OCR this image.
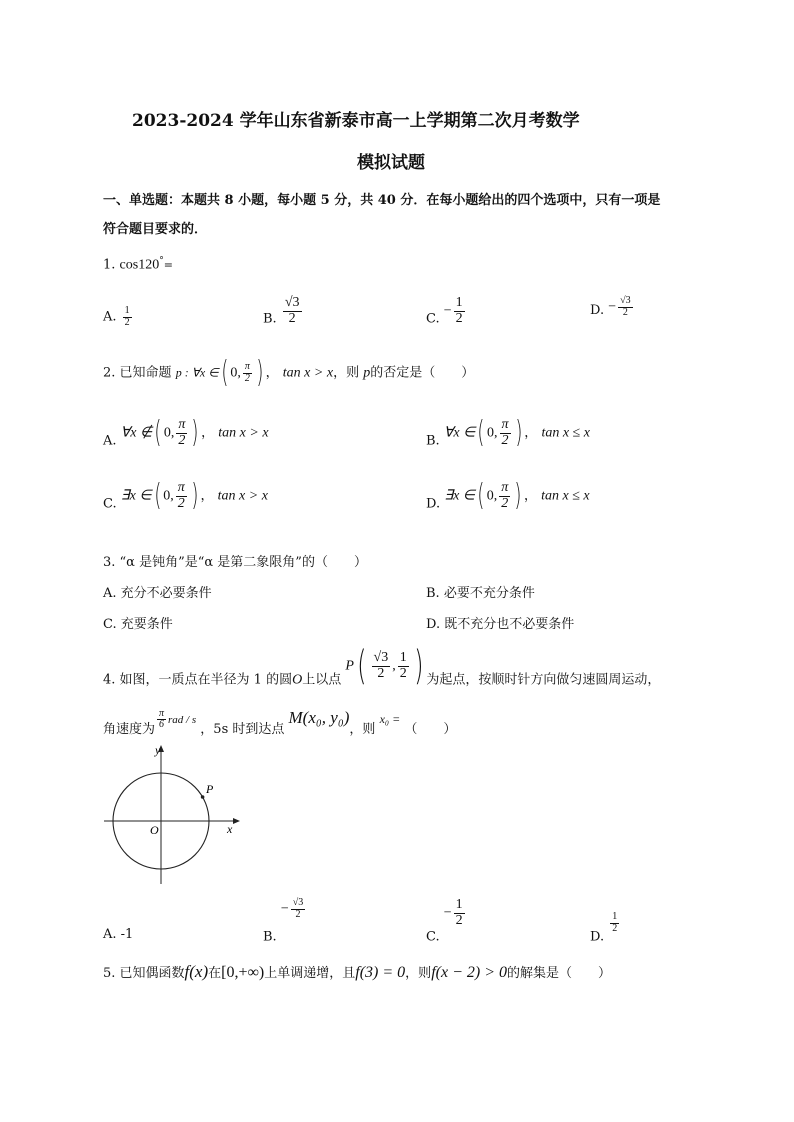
2023-2024 学年山东省新泰市高一上学期第二次月考数学
模拟试题
一、单选题：本题共 8 小题，每小题 5 分，共 40 分．在每小题给出的四个选项中，只有一项是
符合题目要求的．
1. cos120°=
A. $\frac{1}{2}$	B. $\frac{√3}{2}$	C. − $\frac{1}{2}$	D. − $\frac{√3}{2}$
2. 已知命题 p : ∀x ∈( 0, $\frac{\pi}{2}$ ) ， tan x > x，则 p的否定是（　　）
A. ∀x ∉( 0, $\frac{\pi}{2}$ ) ， tan x > x
B. ∀x ∈( 0, $\frac{\pi}{2}$ ) ， tan x ≤ x
C. ∃x ∈( 0, $\frac{\pi}{2}$ ) ， tan x > x
D. ∃x ∈( 0, $\frac{\pi}{2}$ ) ， tan x ≤ x
3. “α 是钝角”是“α 是第二象限角”的（　　）
A. 充分不必要条件	B. 必要不充分条件
C. 充要条件	D. 既不充分也不必要条件
4. 如图，一质点在半径为 1 的圆O上以点 $P( \frac{√3}{2}$ , $\frac{1}{2}$ ) 为起点，按顺时针方向做匀速圆周运动，
角速度为 $\frac{\pi}{6}$ rad / s ，5s 时到达点 M(x₀, y₀)，则 x₀ = （　　）
y
x
O
P
A. -1	B. − $\frac{√3}{2}$
C. − $\frac{1}{2}$
D.
$\frac{1}{2}$
5. 已知偶函数f(x)在[0,+∞)上单调递增，且f(3) = 0，则f(x − 2) > 0的解集是（　　）
